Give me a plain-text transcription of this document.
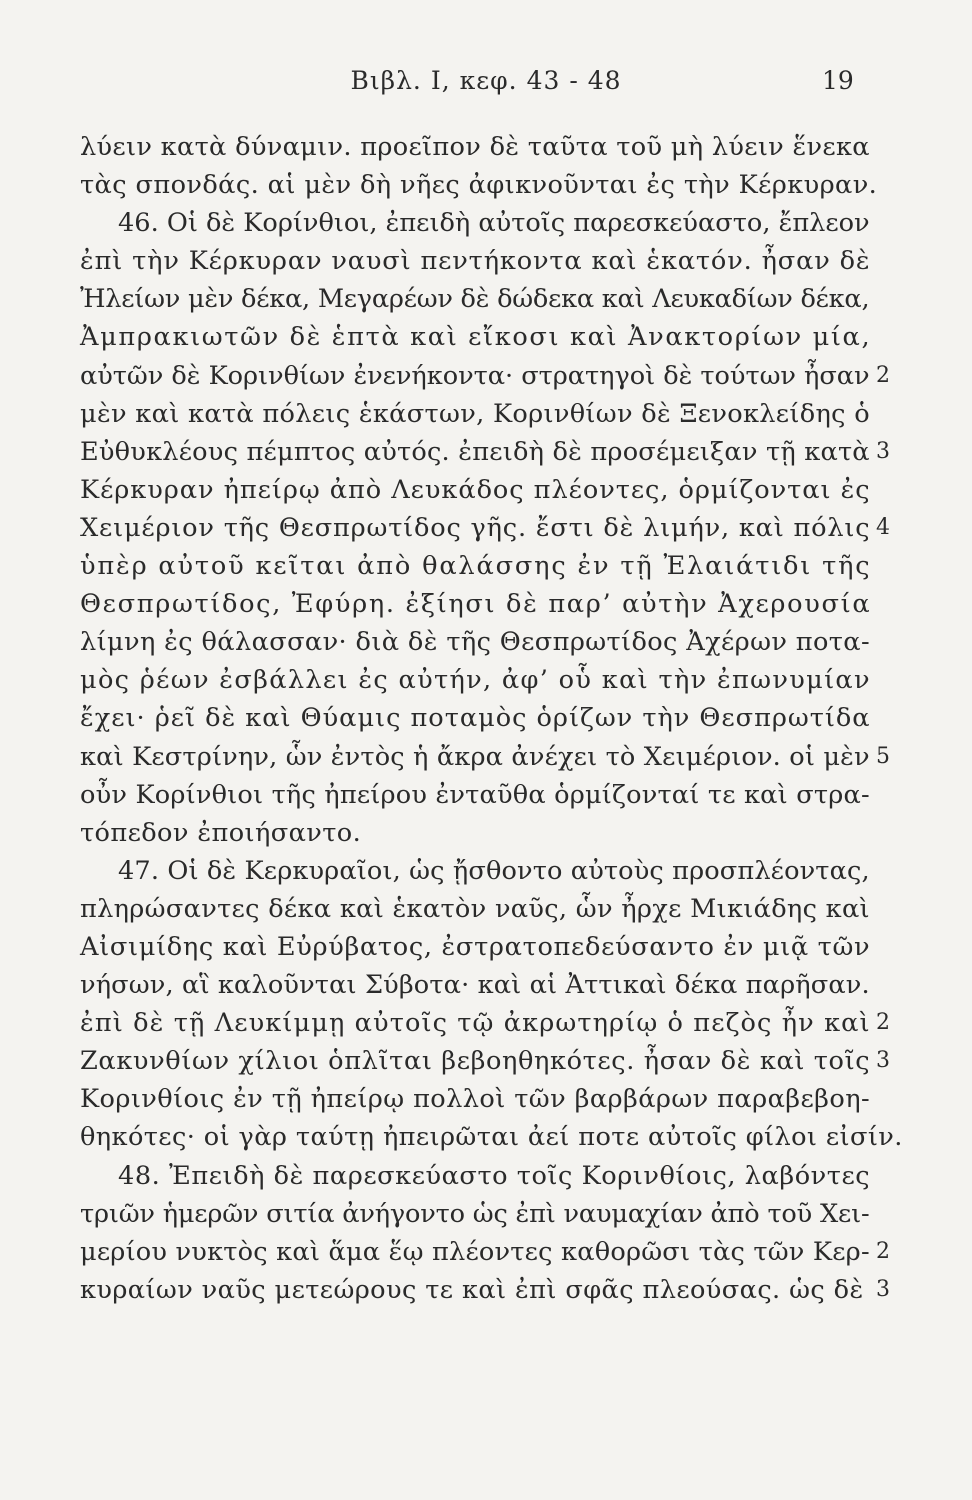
Βιβλ. Ι, κεφ. 43 - 48	19
λύειν κατὰ δύναμιν. προεῖπον δὲ ταῦτα τοῦ μὴ λύειν ἕνεκα
τὰς σπονδάς. αἱ μὲν δὴ νῆες ἀφικνοῦνται ἐς τὴν Κέρκυραν.
46. Οἱ δὲ Κορίνθιοι, ἐπειδὴ αὐτοῖς παρεσκεύαστο, ἔπλεον
ἐπὶ τὴν Κέρκυραν ναυσὶ πεντήκοντα καὶ ἑκατόν. ἦσαν δὲ
Ἠλείων μὲν δέκα, Μεγαρέων δὲ δώδεκα καὶ Λευκαδίων δέκα,
Ἀμπρακιωτῶν δὲ ἑπτὰ καὶ εἴκοσι καὶ Ἀνακτορίων μία,
αὐτῶν δὲ Κορινθίων ἐνενήκοντα· στρατηγοὶ δὲ τούτων ἦσαν
μὲν καὶ κατὰ πόλεις ἑκάστων, Κορινθίων δὲ Ξενοκλείδης ὁ
Εὐθυκλέους πέμπτος αὐτός. ἐπειδὴ δὲ προσέμειξαν τῇ κατὰ
Κέρκυραν ἠπείρῳ ἀπὸ Λευκάδος πλέοντες, ὁρμίζονται ἐς
Χειμέριον τῆς Θεσπρωτίδος γῆς. ἔστι δὲ λιμήν, καὶ πόλις
ὑπὲρ αὐτοῦ κεῖται ἀπὸ θαλάσσης ἐν τῇ Ἐλαιάτιδι τῆς
Θεσπρωτίδος, Ἐφύρη. ἐξίησι δὲ παρ’ αὐτὴν Ἀχερουσία
λίμνη ἐς θάλασσαν· διὰ δὲ τῆς Θεσπρωτίδος Ἀχέρων ποτα-
μὸς ῥέων ἐσβάλλει ἐς αὐτήν, ἀφ’ οὗ καὶ τὴν ἐπωνυμίαν
ἔχει· ῥεῖ δὲ καὶ Θύαμις ποταμὸς ὁρίζων τὴν Θεσπρωτίδα
καὶ Κεστρίνην, ὧν ἐντὸς ἡ ἄκρα ἀνέχει τὸ Χειμέριον. οἱ μὲν
οὖν Κορίνθιοι τῆς ἠπείρου ἐνταῦθα ὁρμίζονταί τε καὶ στρα-
τόπεδον ἐποιήσαντο.
47. Οἱ δὲ Κερκυραῖοι, ὡς ᾔσθοντο αὐτοὺς προσπλέοντας,
πληρώσαντες δέκα καὶ ἑκατὸν ναῦς, ὧν ἦρχε Μικιάδης καὶ
Αἰσιμίδης καὶ Εὐρύβατος, ἐστρατοπεδεύσαντο ἐν μιᾷ τῶν
νήσων, αἳ καλοῦνται Σύβοτα· καὶ αἱ Ἀττικαὶ δέκα παρῆσαν.
ἐπὶ δὲ τῇ Λευκίμμῃ αὐτοῖς τῷ ἀκρωτηρίῳ ὁ πεζὸς ἦν καὶ
Ζακυνθίων χίλιοι ὁπλῖται βεβοηθηκότες. ἦσαν δὲ καὶ τοῖς
Κορινθίοις ἐν τῇ ἠπείρῳ πολλοὶ τῶν βαρβάρων παραβεβοη-
θηκότες· οἱ γὰρ ταύτῃ ἠπειρῶται ἀεί ποτε αὐτοῖς φίλοι εἰσίν.
48. Ἐπειδὴ δὲ παρεσκεύαστο τοῖς Κορινθίοις, λαβόντες
τριῶν ἡμερῶν σιτία ἀνήγοντο ὡς ἐπὶ ναυμαχίαν ἀπὸ τοῦ Χει-
μερίου νυκτὸς καὶ ἅμα ἕῳ πλέοντες καθορῶσι τὰς τῶν Κερ-
κυραίων ναῦς μετεώρους τε καὶ ἐπὶ σφᾶς πλεούσας. ὡς δὲ
2
3
4
5
2
3
2
3
